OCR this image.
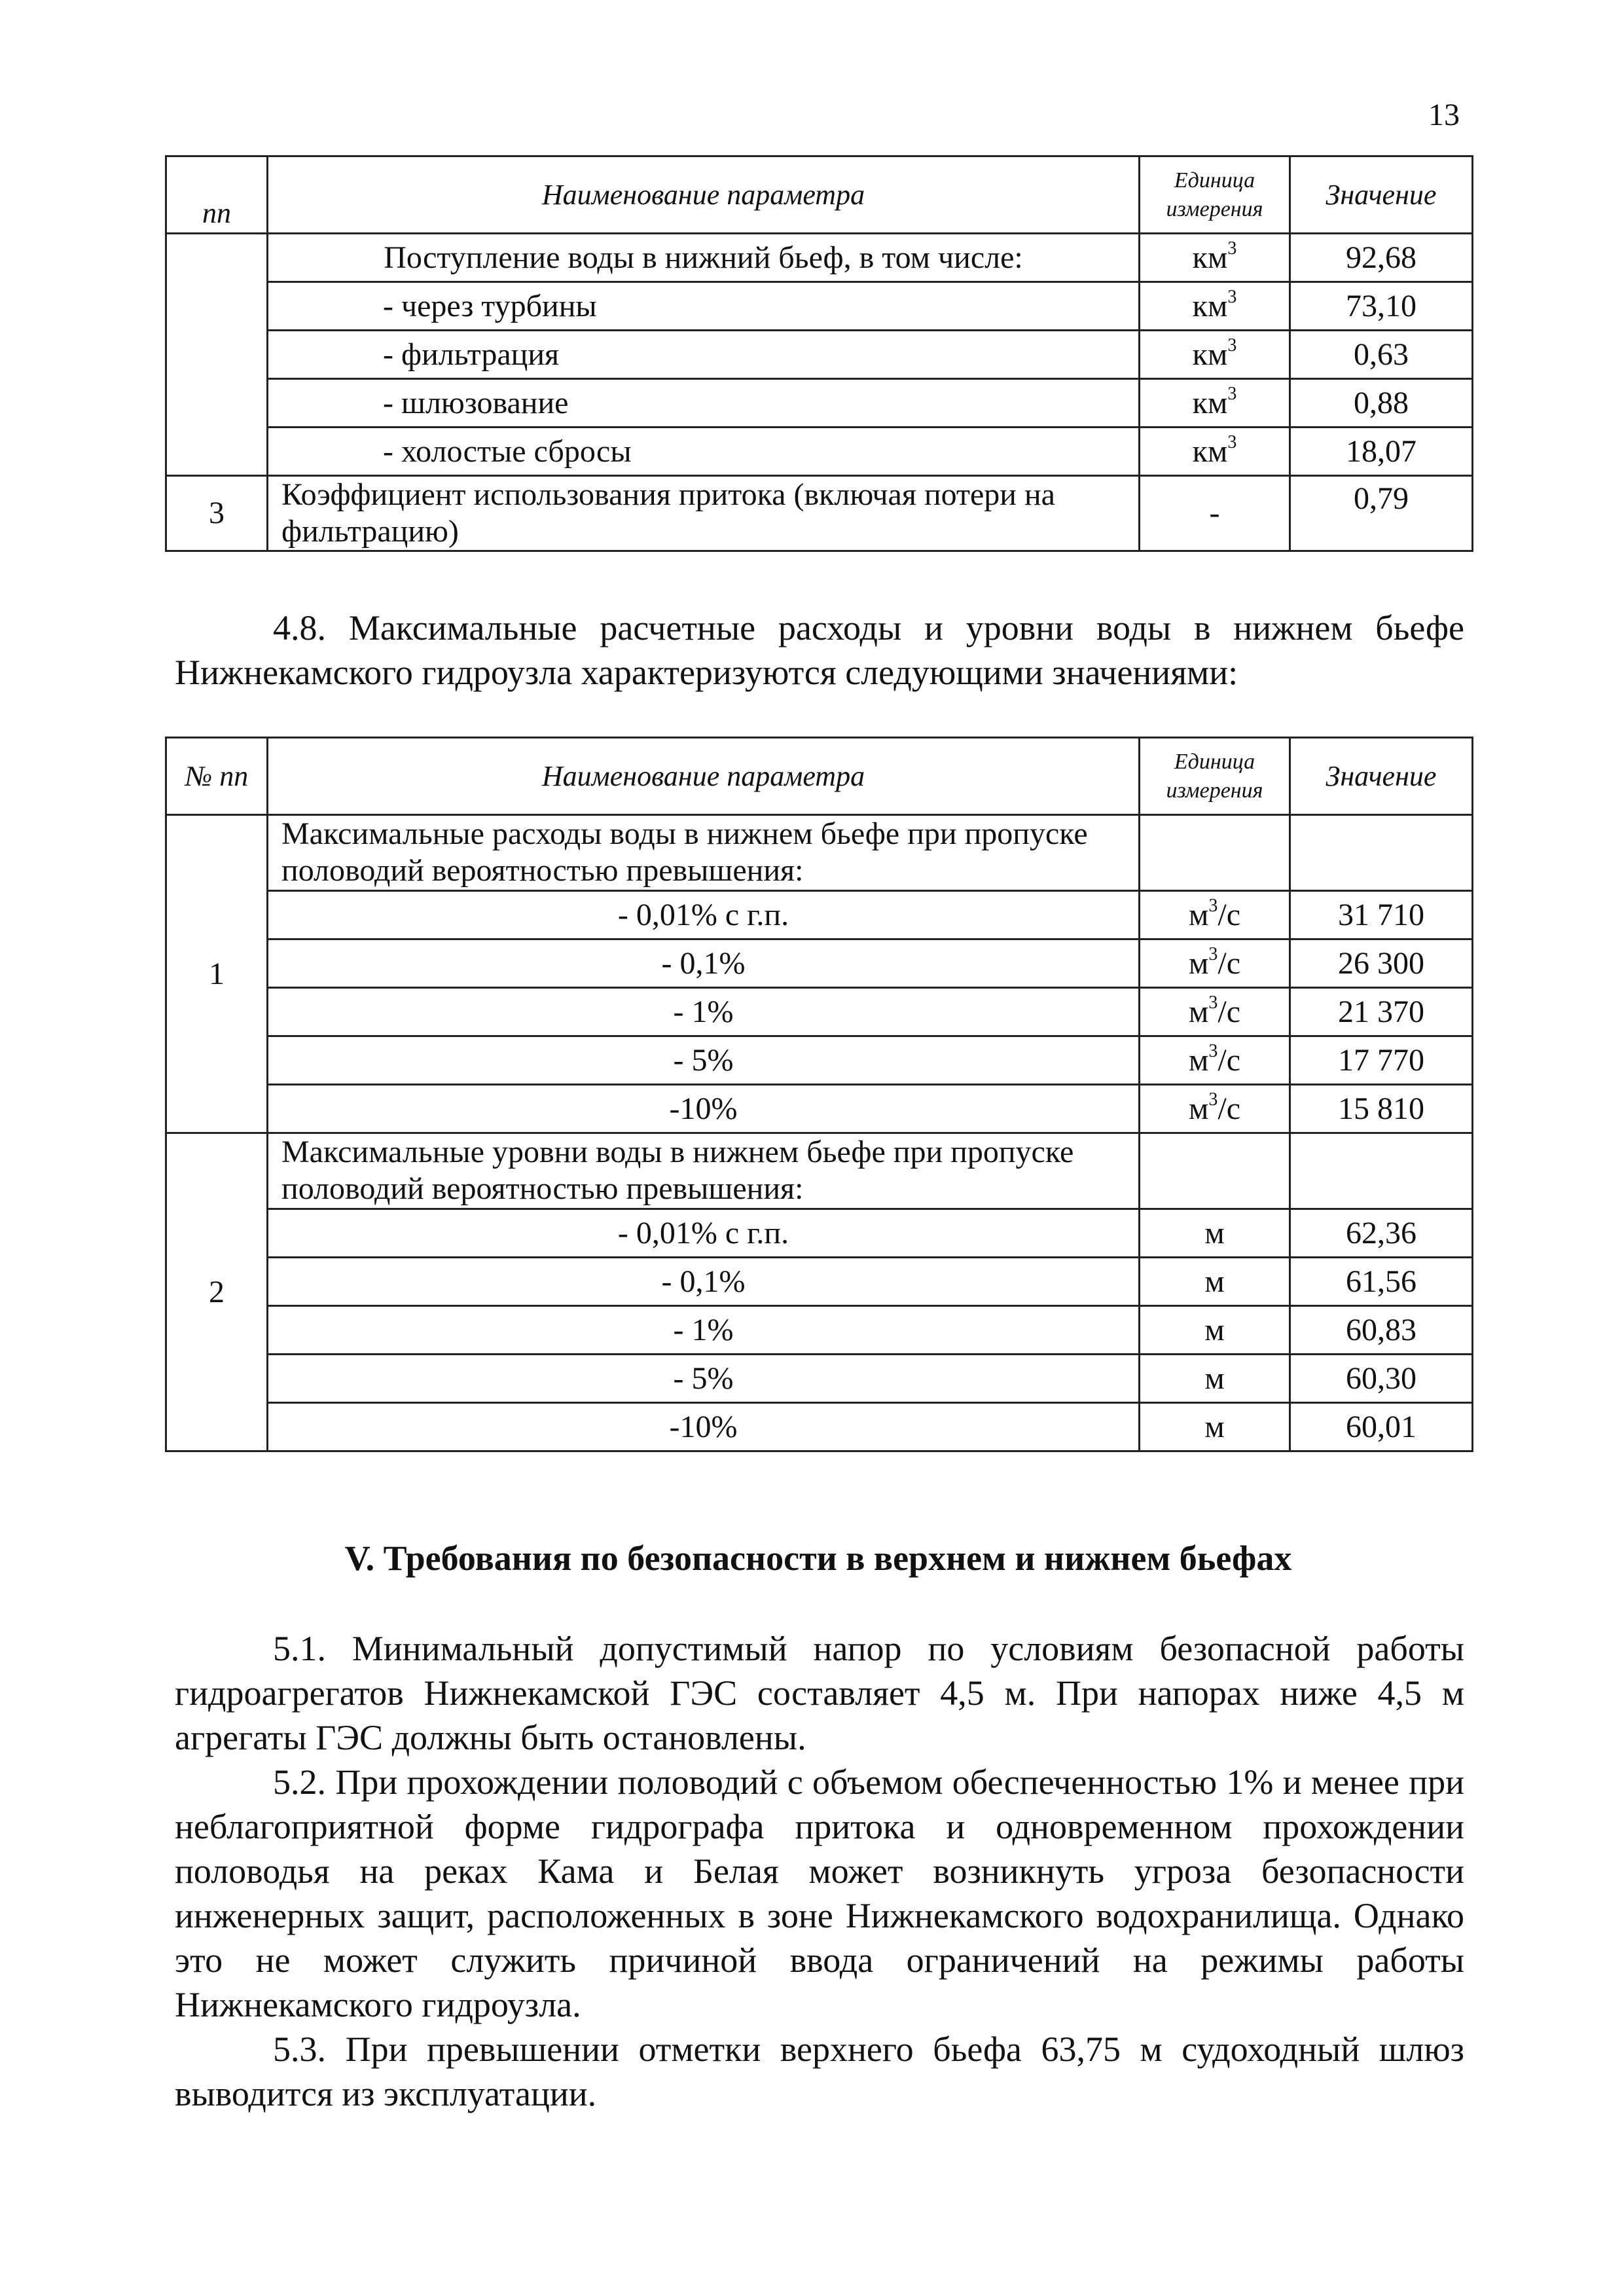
13
пп	Наименование параметра	Единица измерения	Значение
	Поступление воды в нижний бьеф, в том числе:	$км^3$	92,68
	- через турбины	$км^3$	73,10
	- фильтрация	$км^3$	0,63
	- шлюзование	$км^3$	0,88
	- холостые сбросы	$км^3$	18,07
3	Коэффициент использования притока (включая потери на фильтрацию)	-	0,79

4.8. Максимальные расчетные расходы и уровни воды в нижнем бьефе Нижнекамского гидроузла характеризуются следующими значениями:

№ пп	Наименование параметра	Единица измерения	Значение
1	Максимальные расходы воды в нижнем бьефе при пропуске половодий вероятностью превышения:		
	- 0,01% с г.п.	$м^3/с$	31 710
	- 0,1%	$м^3/с$	26 300
	- 1%	$м^3/с$	21 370
	- 5%	$м^3/с$	17 770
	-10%	$м^3/с$	15 810
2	Максимальные уровни воды в нижнем бьефе при пропуске половодий вероятностью превышения:		
	- 0,01% с г.п.	м	62,36
	- 0,1%	м	61,56
	- 1%	м	60,83
	- 5%	м	60,30
	-10%	м	60,01
V. Требования по безопасности в верхнем и нижнем бьефах

5.1. Минимальный допустимый напор по условиям безопасной работы гидроагрегатов Нижнекамской ГЭС составляет 4,5 м. При напорах ниже 4,5 м агрегаты ГЭС должны быть остановлены.

5.2. При прохождении половодий с объемом обеспеченностью 1% и менее при неблагоприятной форме гидрографа притока и одновременном прохождении половодья на реках Кама и Белая может возникнуть угроза безопасности инженерных защит, расположенных в зоне Нижнекамского водохранилища. Однако это не может служить причиной ввода ограничений на режимы работы Нижнекамского гидроузла.

5.3. При превышении отметки верхнего бьефа 63,75 м судоходный шлюз выводится из эксплуатации.
